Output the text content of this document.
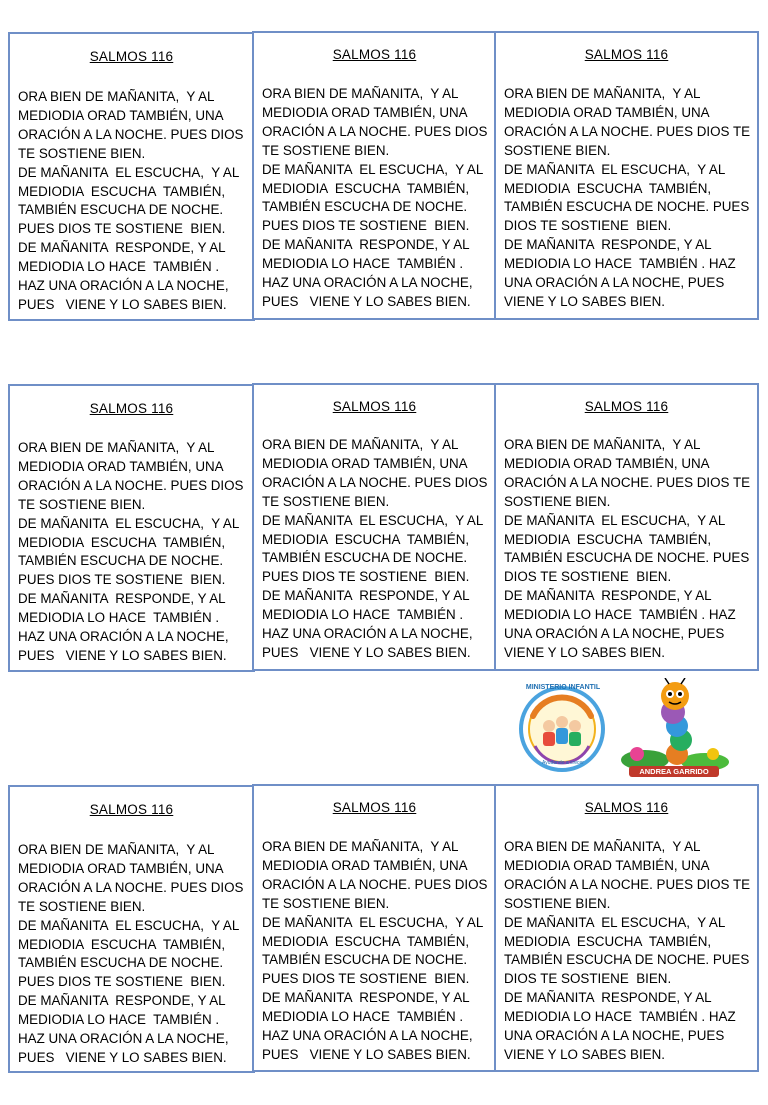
SALMOS 116
ORA BIEN DE MAÑANITA,  Y AL
MEDIODIA ORAD TAMBIÉN, UNA
ORACIÓN A LA NOCHE. PUES DIOS
TE SOSTIENE BIEN.
DE MAÑANITA  EL ESCUCHA,  Y AL
MEDIODIA  ESCUCHA  TAMBIÉN,
TAMBIÉN ESCUCHA DE NOCHE.
PUES DIOS TE SOSTIENE  BIEN.
DE MAÑANITA  RESPONDE, Y AL
MEDIODIA LO HACE  TAMBIÉN .
HAZ UNA ORACIÓN A LA NOCHE,
PUES   VIENE Y LO SABES BIEN.
SALMOS 116
ORA BIEN DE MAÑANITA,  Y AL
MEDIODIA ORAD TAMBIÉN, UNA
ORACIÓN A LA NOCHE. PUES DIOS
TE SOSTIENE BIEN.
DE MAÑANITA  EL ESCUCHA,  Y AL
MEDIODIA  ESCUCHA  TAMBIÉN,
TAMBIÉN ESCUCHA DE NOCHE.
PUES DIOS TE SOSTIENE  BIEN.
DE MAÑANITA  RESPONDE, Y AL
MEDIODIA LO HACE  TAMBIÉN .
HAZ UNA ORACIÓN A LA NOCHE,
PUES   VIENE Y LO SABES BIEN.
SALMOS 116
ORA BIEN DE MAÑANITA,  Y AL
MEDIODIA ORAD TAMBIÉN, UNA
ORACIÓN A LA NOCHE. PUES DIOS TE
SOSTIENE BIEN.
DE MAÑANITA  EL ESCUCHA,  Y AL
MEDIODIA  ESCUCHA  TAMBIÉN,
TAMBIÉN ESCUCHA DE NOCHE. PUES
DIOS TE SOSTIENE  BIEN.
DE MAÑANITA  RESPONDE, Y AL
MEDIODIA LO HACE  TAMBIÉN . HAZ
UNA ORACIÓN A LA NOCHE, PUES
VIENE Y LO SABES BIEN.
SALMOS 116
ORA BIEN DE MAÑANITA,  Y AL
MEDIODIA ORAD TAMBIÉN, UNA
ORACIÓN A LA NOCHE. PUES DIOS
TE SOSTIENE BIEN.
DE MAÑANITA  EL ESCUCHA,  Y AL
MEDIODIA  ESCUCHA  TAMBIÉN,
TAMBIÉN ESCUCHA DE NOCHE.
PUES DIOS TE SOSTIENE  BIEN.
DE MAÑANITA  RESPONDE, Y AL
MEDIODIA LO HACE  TAMBIÉN .
HAZ UNA ORACIÓN A LA NOCHE,
PUES   VIENE Y LO SABES BIEN.
SALMOS 116
ORA BIEN DE MAÑANITA,  Y AL
MEDIODIA ORAD TAMBIÉN, UNA
ORACIÓN A LA NOCHE. PUES DIOS
TE SOSTIENE BIEN.
DE MAÑANITA  EL ESCUCHA,  Y AL
MEDIODIA  ESCUCHA  TAMBIÉN,
TAMBIÉN ESCUCHA DE NOCHE.
PUES DIOS TE SOSTIENE  BIEN.
DE MAÑANITA  RESPONDE, Y AL
MEDIODIA LO HACE  TAMBIÉN .
HAZ UNA ORACIÓN A LA NOCHE,
PUES   VIENE Y LO SABES BIEN.
SALMOS 116
ORA BIEN DE MAÑANITA,  Y AL
MEDIODIA ORAD TAMBIÉN, UNA
ORACIÓN A LA NOCHE. PUES DIOS TE
SOSTIENE BIEN.
DE MAÑANITA  EL ESCUCHA,  Y AL
MEDIODIA  ESCUCHA  TAMBIÉN,
TAMBIÉN ESCUCHA DE NOCHE. PUES
DIOS TE SOSTIENE  BIEN.
DE MAÑANITA  RESPONDE, Y AL
MEDIODIA LO HACE  TAMBIÉN . HAZ
UNA ORACIÓN A LA NOCHE, PUES
VIENE Y LO SABES BIEN.
MINISTERIO INFANTIL
Ayudando a crecer
ANDREA GARRIDO
SALMOS 116
ORA BIEN DE MAÑANITA,  Y AL
MEDIODIA ORAD TAMBIÉN, UNA
ORACIÓN A LA NOCHE. PUES DIOS
TE SOSTIENE BIEN.
DE MAÑANITA  EL ESCUCHA,  Y AL
MEDIODIA  ESCUCHA  TAMBIÉN,
TAMBIÉN ESCUCHA DE NOCHE.
PUES DIOS TE SOSTIENE  BIEN.
DE MAÑANITA  RESPONDE, Y AL
MEDIODIA LO HACE  TAMBIÉN .
HAZ UNA ORACIÓN A LA NOCHE,
PUES   VIENE Y LO SABES BIEN.
SALMOS 116
ORA BIEN DE MAÑANITA,  Y AL
MEDIODIA ORAD TAMBIÉN, UNA
ORACIÓN A LA NOCHE. PUES DIOS
TE SOSTIENE BIEN.
DE MAÑANITA  EL ESCUCHA,  Y AL
MEDIODIA  ESCUCHA  TAMBIÉN,
TAMBIÉN ESCUCHA DE NOCHE.
PUES DIOS TE SOSTIENE  BIEN.
DE MAÑANITA  RESPONDE, Y AL
MEDIODIA LO HACE  TAMBIÉN .
HAZ UNA ORACIÓN A LA NOCHE,
PUES   VIENE Y LO SABES BIEN.
SALMOS 116
ORA BIEN DE MAÑANITA,  Y AL
MEDIODIA ORAD TAMBIÉN, UNA
ORACIÓN A LA NOCHE. PUES DIOS TE
SOSTIENE BIEN.
DE MAÑANITA  EL ESCUCHA,  Y AL
MEDIODIA  ESCUCHA  TAMBIÉN,
TAMBIÉN ESCUCHA DE NOCHE. PUES
DIOS TE SOSTIENE  BIEN.
DE MAÑANITA  RESPONDE, Y AL
MEDIODIA LO HACE  TAMBIÉN . HAZ
UNA ORACIÓN A LA NOCHE, PUES
VIENE Y LO SABES BIEN.
